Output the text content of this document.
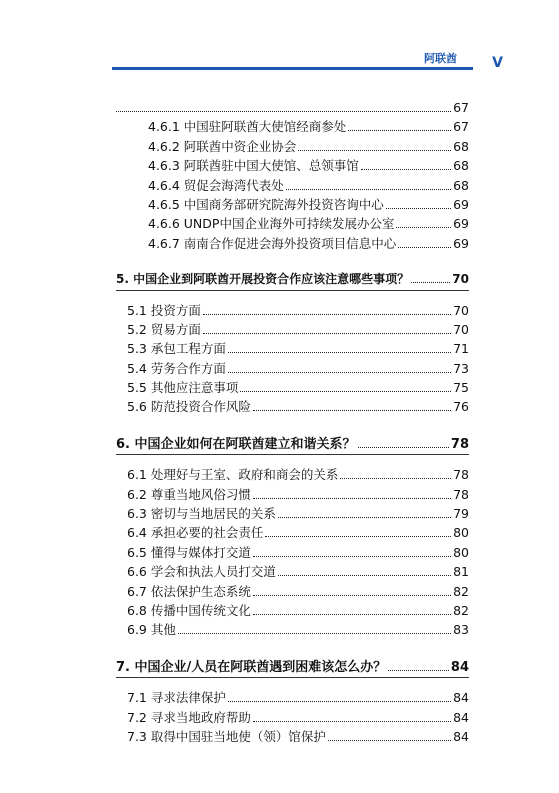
阿联酋	V
67
4.6.1 中国驻阿联酋大使馆经商参处	67
4.6.2 阿联酋中资企业协会	68
4.6.3 阿联酋驻中国大使馆、总领事馆	68
4.6.4 贸促会海湾代表处	68
4.6.5 中国商务部研究院海外投资咨询中心	69
4.6.6 UNDP中国企业海外可持续发展办公室	69
4.6.7 南南合作促进会海外投资项目信息中心	69
5. 中国企业到阿联酋开展投资合作应该注意哪些事项？	70
5.1 投资方面	70
5.2 贸易方面	70
5.3 承包工程方面	71
5.4 劳务合作方面	73
5.5 其他应注意事项	75
5.6 防范投资合作风险	76
6. 中国企业如何在阿联酋建立和谐关系？	78
6.1 处理好与王室、政府和商会的关系	78
6.2 尊重当地风俗习惯	78
6.3 密切与当地居民的关系	79
6.4 承担必要的社会责任	80
6.5 懂得与媒体打交道	80
6.6 学会和执法人员打交道	81
6.7 依法保护生态系统	82
6.8 传播中国传统文化	82
6.9 其他	83
7. 中国企业/人员在阿联酋遇到困难该怎么办？	84
7.1 寻求法律保护	84
7.2 寻求当地政府帮助	84
7.3 取得中国驻当地使（领）馆保护	84
